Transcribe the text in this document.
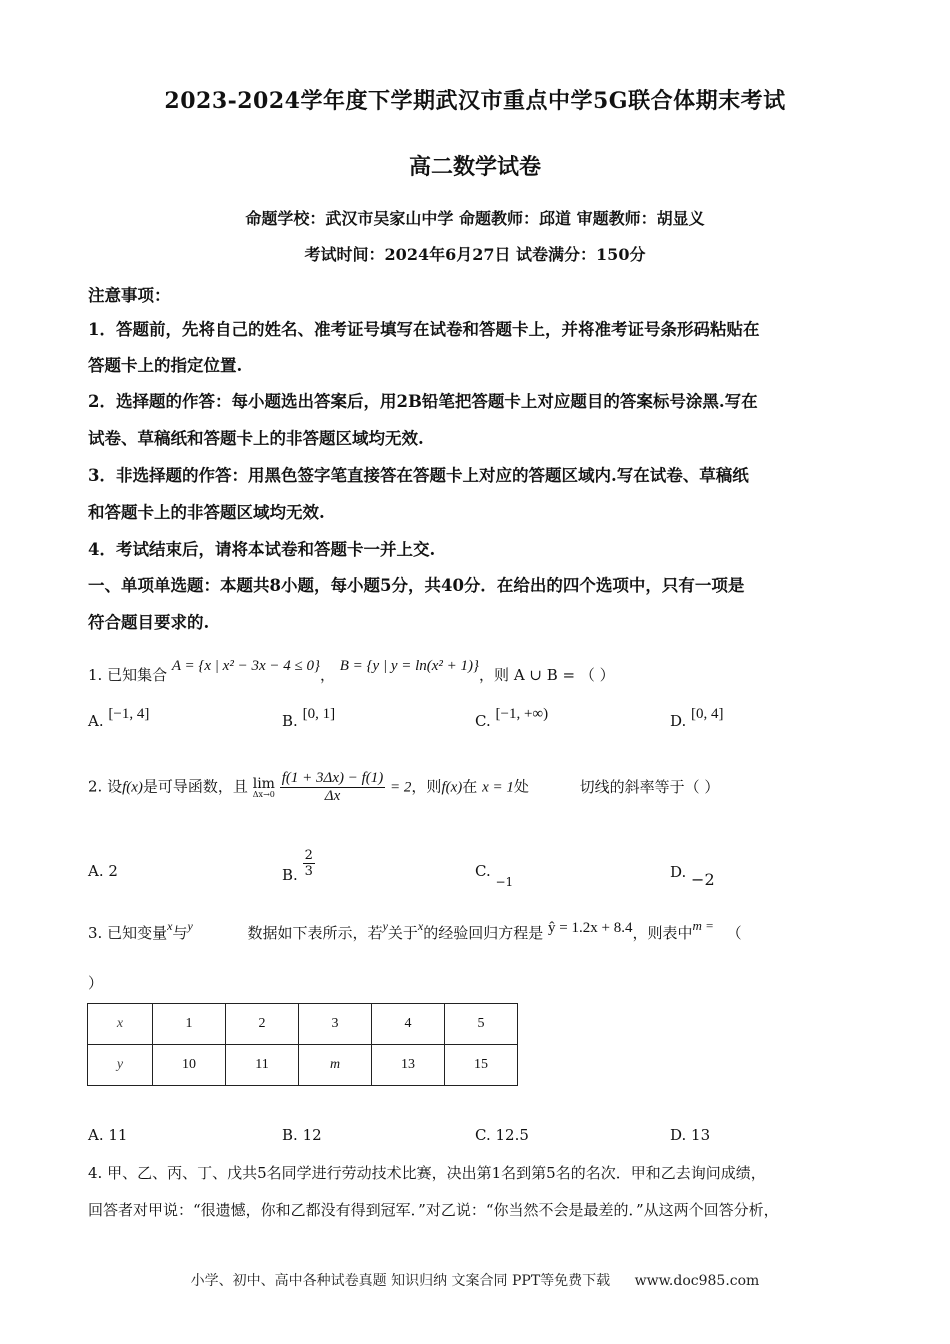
2023-2024学年度下学期武汉市重点中学5G联合体期末考试
高二数学试卷
命题学校：武汉市吴家山中学 命题教师：邱道 审题教师：胡显义
考试时间：2024年6月27日 试卷满分：150分
注意事项：
1．答题前，先将自己的姓名、准考证号填写在试卷和答题卡上，并将准考证号条形码粘贴在
答题卡上的指定位置.
2．选择题的作答：每小题选出答案后，用2B铅笔把答题卡上对应题目的答案标号涂黑.写在
试卷、草稿纸和答题卡上的非答题区域均无效.
3．非选择题的作答：用黑色签字笔直接答在答题卡上对应的答题区域内.写在试卷、草稿纸
和答题卡上的非答题区域均无效.
4．考试结束后，请将本试卷和答题卡一并上交.
一、单项单选题：本题共8小题，每小题5分，共40分．在给出的四个选项中，只有一项是
符合题目要求的.
1. 已知集合 A = {x | x² − 3x − 4 ≤ 0}， B = {y | y = ln(x² + 1)}，则 A ∪ B = （ ）
A. [−1, 4]	B. [0, 1]	C. [−1, +∞)	D. [0, 4]
2. 设f(x)是可导函数，且 lim
Δx→0
$\frac{f(1 + 3\Delta x) - f(1)}{\Delta x} = 2$，则f(x)在 x = 1处	切线的斜率等于（ ）
A. 2	B. $\frac{2}{3}$	C. $_{-1}$
D. −2
3. 已知变量$^x$与$^y$	数据如下表所示，若$^y$关于$^x$的经验回归方程是 ŷ = 1.2x + 8.4，则表中m = （
）
x	1	2	3	4	5
y	10	11	m	13	15
A. 11	B. 12	C. 12.5	D. 13
4. 甲、乙、丙、丁、戊共5名同学进行劳动技术比赛，决出第1名到第5名的名次．甲和乙去询问成绩，
回答者对甲说：“很遗憾，你和乙都没有得到冠军．”对乙说：“你当然不会是最差的．”从这两个回答分析，
小学、初中、高中各种试卷真题 知识归纳 文案合同 PPT等免费下载 www.doc985.com
